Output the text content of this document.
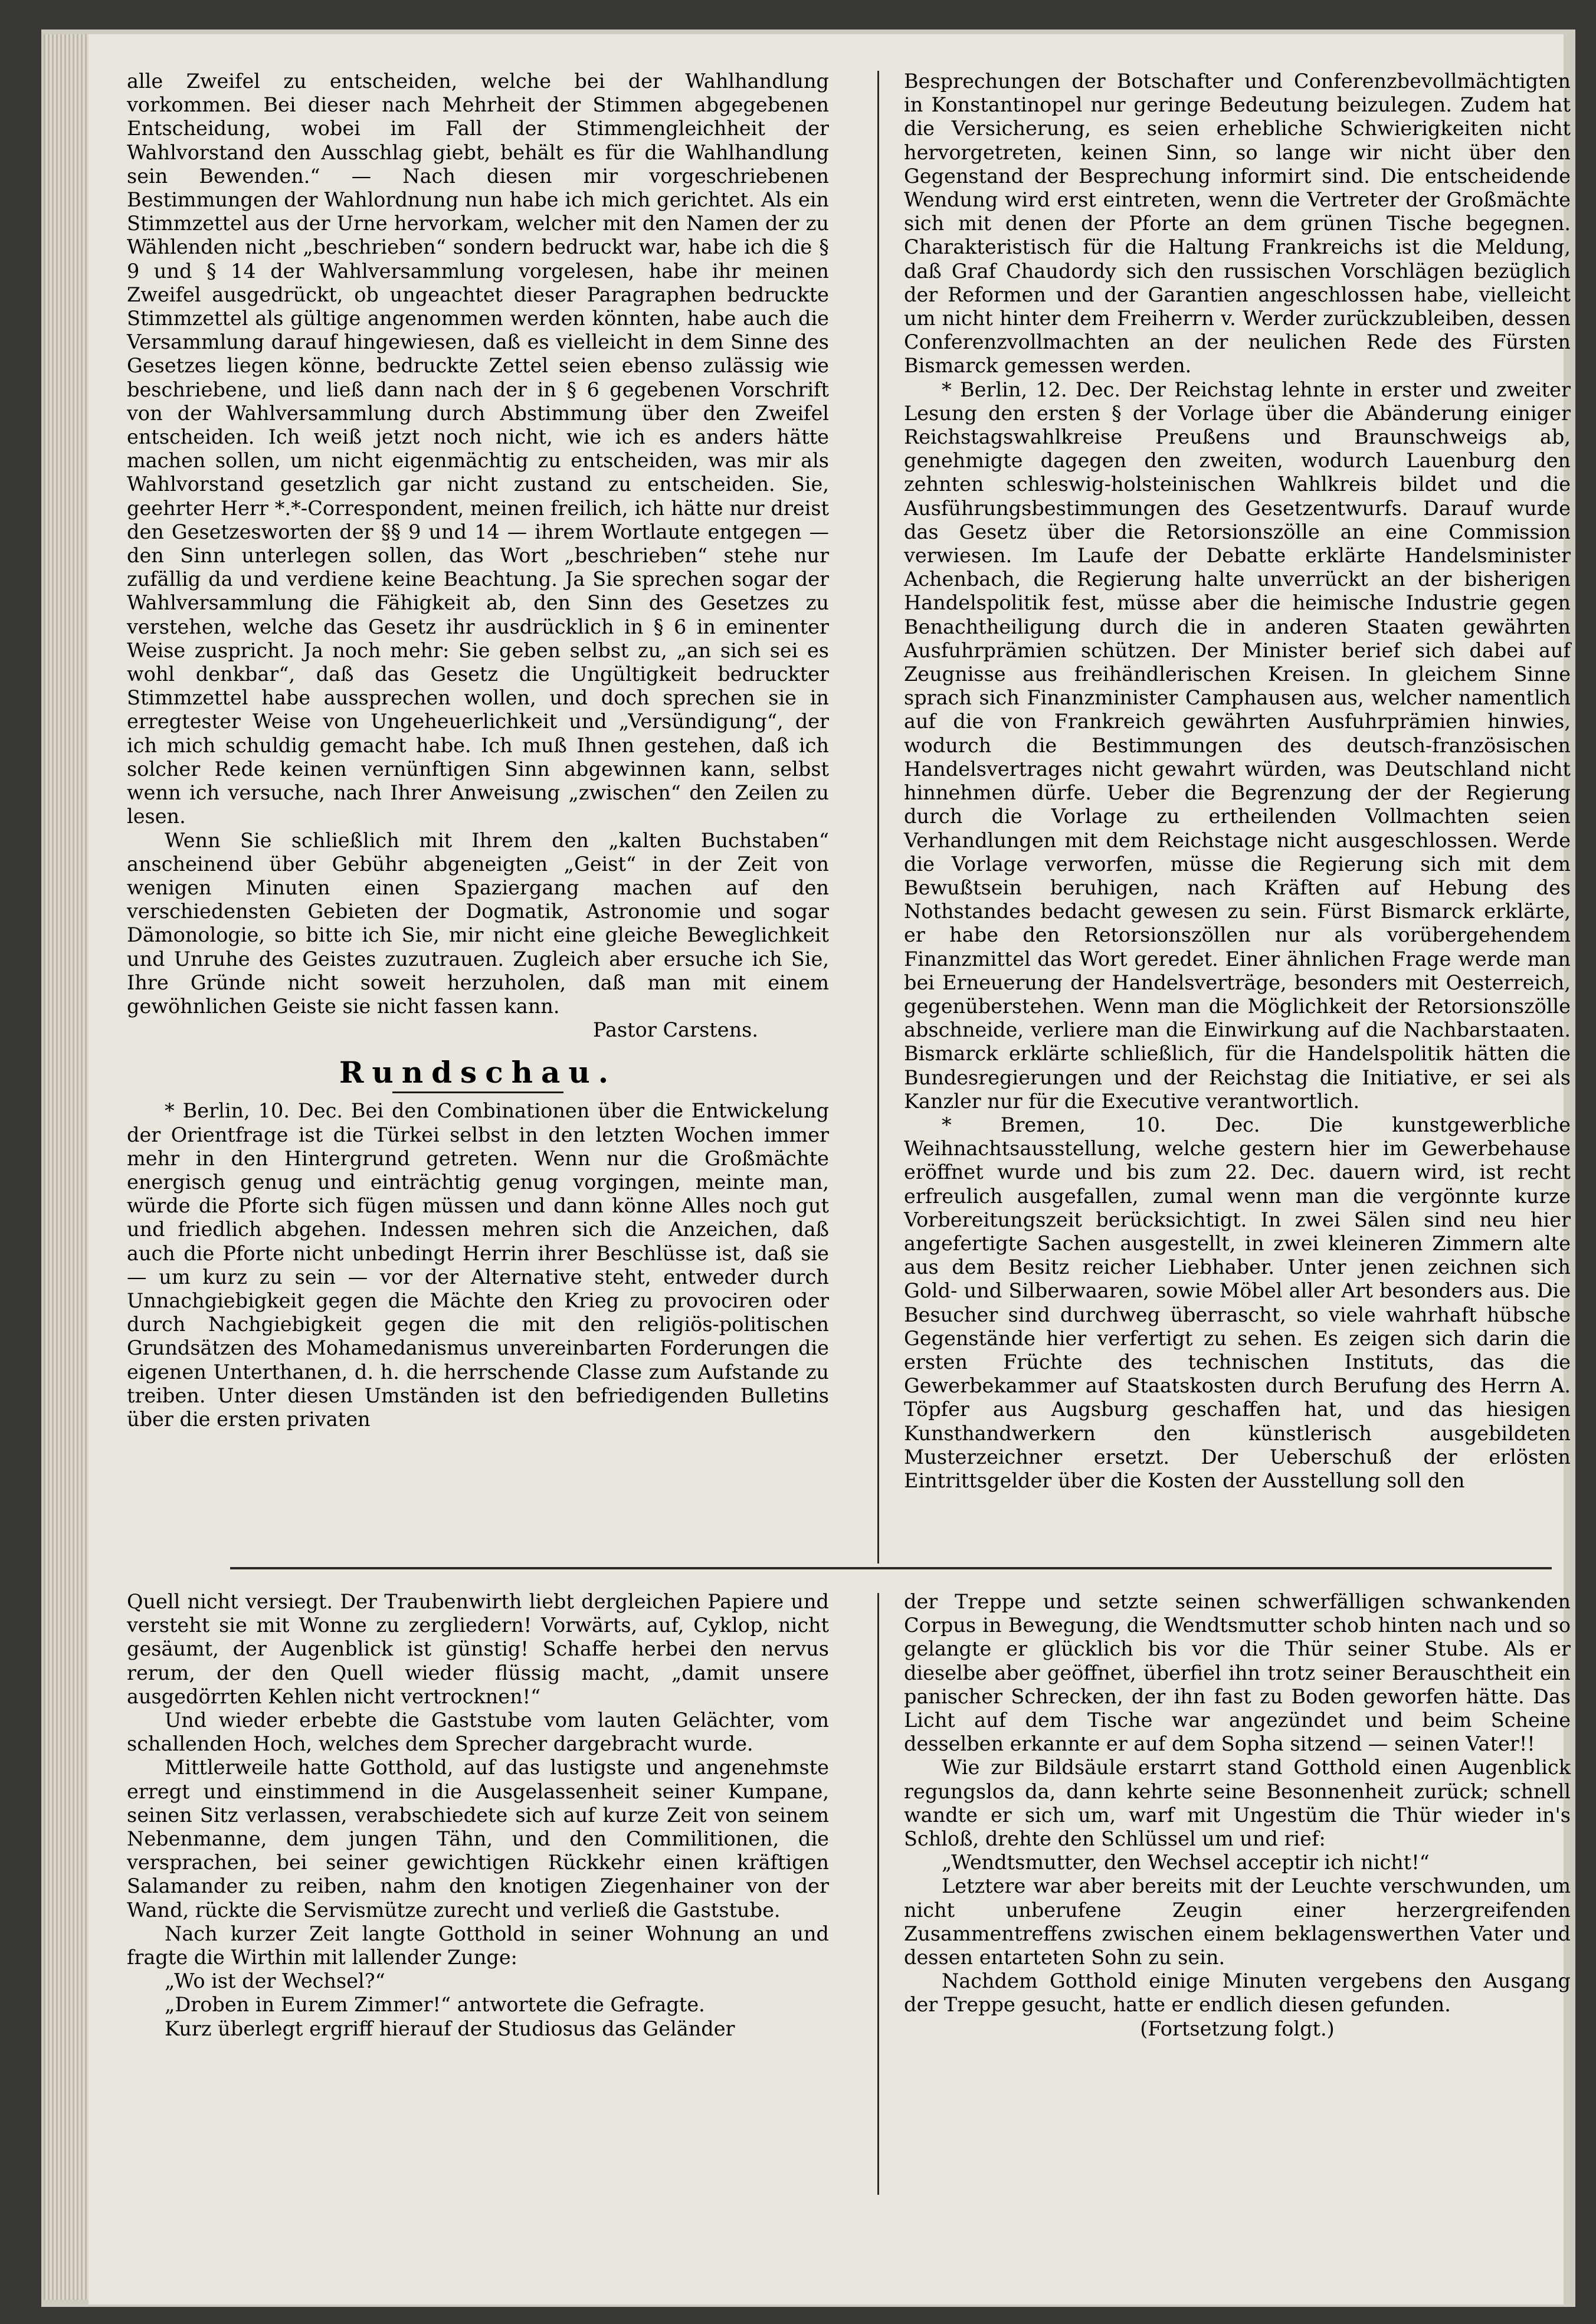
alle Zweifel zu entscheiden, welche bei der Wahlhandlung vorkommen. Bei dieser nach Mehrheit der Stimmen abgegebenen Entscheidung, wobei im Fall der Stimmengleichheit der Wahlvorstand den Ausschlag giebt, behält es für die Wahlhandlung sein Bewenden.“ — Nach diesen mir vorgeschriebenen Bestimmungen der Wahlordnung nun habe ich mich gerichtet. Als ein Stimmzettel aus der Urne hervorkam, welcher mit den Namen der zu Wählenden nicht „beschrieben“ sondern bedruckt war, habe ich die § 9 und § 14 der Wahlversammlung vorgelesen, habe ihr meinen Zweifel ausgedrückt, ob ungeachtet dieser Paragraphen bedruckte Stimmzettel als gültige angenommen werden könnten, habe auch die Versammlung darauf hingewiesen, daß es vielleicht in dem Sinne des Gesetzes liegen könne, bedruckte Zettel seien ebenso zulässig wie beschriebene, und ließ dann nach der in § 6 gegebenen Vorschrift von der Wahlversammlung durch Abstimmung über den Zweifel entscheiden. Ich weiß jetzt noch nicht, wie ich es anders hätte machen sollen, um nicht eigenmächtig zu entscheiden, was mir als Wahlvorstand gesetzlich gar nicht zustand zu entscheiden. Sie, geehrter Herr *.*-Correspondent, meinen freilich, ich hätte nur dreist den Gesetzesworten der §§ 9 und 14 — ihrem Wortlaute entgegen — den Sinn unterlegen sollen, das Wort „beschrieben“ stehe nur zufällig da und verdiene keine Beachtung. Ja Sie sprechen sogar der Wahlversammlung die Fähigkeit ab, den Sinn des Gesetzes zu verstehen, welche das Gesetz ihr ausdrücklich in § 6 in eminenter Weise zuspricht. Ja noch mehr: Sie geben selbst zu, „an sich sei es wohl denkbar“, daß das Gesetz die Ungültigkeit bedruckter Stimmzettel habe aussprechen wollen, und doch sprechen sie in erregtester Weise von Ungeheuerlichkeit und „Versündigung“, der ich mich schuldig gemacht habe. Ich muß Ihnen gestehen, daß ich solcher Rede keinen vernünftigen Sinn abgewinnen kann, selbst wenn ich versuche, nach Ihrer Anweisung „zwischen“ den Zeilen zu lesen.

Wenn Sie schließlich mit Ihrem den „kalten Buchstaben“ anscheinend über Gebühr abgeneigten „Geist“ in der Zeit von wenigen Minuten einen Spaziergang machen auf den verschiedensten Gebieten der Dogmatik, Astronomie und sogar Dämonologie, so bitte ich Sie, mir nicht eine gleiche Beweglichkeit und Unruhe des Geistes zuzutrauen. Zugleich aber ersuche ich Sie, Ihre Gründe nicht soweit herzuholen, daß man mit einem gewöhnlichen Geiste sie nicht fassen kann.

Pastor Carstens.

Rundschau.

* Berlin, 10. Dec. Bei den Combinationen über die Entwickelung der Orientfrage ist die Türkei selbst in den letzten Wochen immer mehr in den Hintergrund getreten. Wenn nur die Großmächte energisch genug und einträchtig genug vorgingen, meinte man, würde die Pforte sich fügen müssen und dann könne Alles noch gut und friedlich abgehen. Indessen mehren sich die Anzeichen, daß auch die Pforte nicht unbedingt Herrin ihrer Beschlüsse ist, daß sie — um kurz zu sein — vor der Alternative steht, entweder durch Unnachgiebigkeit gegen die Mächte den Krieg zu provociren oder durch Nachgiebigkeit gegen die mit den religiös-politischen Grundsätzen des Mohamedanismus unvereinbarten Forderungen die eigenen Unterthanen, d. h. die herrschende Classe zum Aufstande zu treiben. Unter diesen Umständen ist den befriedigenden Bulletins über die ersten privaten

Besprechungen der Botschafter und Conferenzbevollmächtigten in Konstantinopel nur geringe Bedeutung beizulegen. Zudem hat die Versicherung, es seien erhebliche Schwierigkeiten nicht hervorgetreten, keinen Sinn, so lange wir nicht über den Gegenstand der Besprechung informirt sind. Die entscheidende Wendung wird erst eintreten, wenn die Vertreter der Großmächte sich mit denen der Pforte an dem grünen Tische begegnen. Charakteristisch für die Haltung Frankreichs ist die Meldung, daß Graf Chaudordy sich den russischen Vorschlägen bezüglich der Reformen und der Garantien angeschlossen habe, vielleicht um nicht hinter dem Freiherrn v. Werder zurückzubleiben, dessen Conferenzvollmachten an der neulichen Rede des Fürsten Bismarck gemessen werden.

* Berlin, 12. Dec. Der Reichstag lehnte in erster und zweiter Lesung den ersten § der Vorlage über die Abänderung einiger Reichstagswahlkreise Preußens und Braunschweigs ab, genehmigte dagegen den zweiten, wodurch Lauenburg den zehnten schleswig-holsteinischen Wahlkreis bildet und die Ausführungsbestimmungen des Gesetzentwurfs. Darauf wurde das Gesetz über die Retorsionszölle an eine Commission verwiesen. Im Laufe der Debatte erklärte Handelsminister Achenbach, die Regierung halte unverrückt an der bisherigen Handelspolitik fest, müsse aber die heimische Industrie gegen Benachtheiligung durch die in anderen Staaten gewährten Ausfuhrprämien schützen. Der Minister berief sich dabei auf Zeugnisse aus freihändlerischen Kreisen. In gleichem Sinne sprach sich Finanzminister Camphausen aus, welcher namentlich auf die von Frankreich gewährten Ausfuhrprämien hinwies, wodurch die Bestimmungen des deutsch-französischen Handelsvertrages nicht gewahrt würden, was Deutschland nicht hinnehmen dürfe. Ueber die Begrenzung der der Regierung durch die Vorlage zu ertheilenden Vollmachten seien Verhandlungen mit dem Reichstage nicht ausgeschlossen. Werde die Vorlage verworfen, müsse die Regierung sich mit dem Bewußtsein beruhigen, nach Kräften auf Hebung des Nothstandes bedacht gewesen zu sein. Fürst Bismarck erklärte, er habe den Retorsionszöllen nur als vorübergehendem Finanzmittel das Wort geredet. Einer ähnlichen Frage werde man bei Erneuerung der Handelsverträge, besonders mit Oesterreich, gegenüberstehen. Wenn man die Möglichkeit der Retorsionszölle abschneide, verliere man die Einwirkung auf die Nachbarstaaten. Bismarck erklärte schließlich, für die Handelspolitik hätten die Bundesregierungen und der Reichstag die Initiative, er sei als Kanzler nur für die Executive verantwortlich.

* Bremen, 10. Dec. Die kunstgewerbliche Weihnachtsausstellung, welche gestern hier im Gewerbehause eröffnet wurde und bis zum 22. Dec. dauern wird, ist recht erfreulich ausgefallen, zumal wenn man die vergönnte kurze Vorbereitungszeit berücksichtigt. In zwei Sälen sind neu hier angefertigte Sachen ausgestellt, in zwei kleineren Zimmern alte aus dem Besitz reicher Liebhaber. Unter jenen zeichnen sich Gold- und Silberwaaren, sowie Möbel aller Art besonders aus. Die Besucher sind durchweg überrascht, so viele wahrhaft hübsche Gegenstände hier verfertigt zu sehen. Es zeigen sich darin die ersten Früchte des technischen Instituts, das die Gewerbekammer auf Staatskosten durch Berufung des Herrn A. Töpfer aus Augsburg geschaffen hat, und das hiesigen Kunsthandwerkern den künstlerisch ausgebildeten Musterzeichner ersetzt. Der Ueberschuß der erlösten Eintrittsgelder über die Kosten der Ausstellung soll den

Quell nicht versiegt. Der Traubenwirth liebt dergleichen Papiere und versteht sie mit Wonne zu zergliedern! Vorwärts, auf, Cyklop, nicht gesäumt, der Augenblick ist günstig! Schaffe herbei den nervus rerum, der den Quell wieder flüssig macht, „damit unsere ausgedörrten Kehlen nicht vertrocknen!“

Und wieder erbebte die Gaststube vom lauten Gelächter, vom schallenden Hoch, welches dem Sprecher dargebracht wurde.

Mittlerweile hatte Gotthold, auf das lustigste und angenehmste erregt und einstimmend in die Ausgelassenheit seiner Kumpane, seinen Sitz verlassen, verabschiedete sich auf kurze Zeit von seinem Nebenmanne, dem jungen Tähn, und den Commilitionen, die versprachen, bei seiner gewichtigen Rückkehr einen kräftigen Salamander zu reiben, nahm den knotigen Ziegenhainer von der Wand, rückte die Servismütze zurecht und verließ die Gaststube.

Nach kurzer Zeit langte Gotthold in seiner Wohnung an und fragte die Wirthin mit lallender Zunge:

„Wo ist der Wechsel?“

„Droben in Eurem Zimmer!“ antwortete die Gefragte.

Kurz überlegt ergriff hierauf der Studiosus das Geländer

der Treppe und setzte seinen schwerfälligen schwankenden Corpus in Bewegung, die Wendtsmutter schob hinten nach und so gelangte er glücklich bis vor die Thür seiner Stube. Als er dieselbe aber geöffnet, überfiel ihn trotz seiner Berauschtheit ein panischer Schrecken, der ihn fast zu Boden geworfen hätte. Das Licht auf dem Tische war angezündet und beim Scheine desselben erkannte er auf dem Sopha sitzend — seinen Vater!!

Wie zur Bildsäule erstarrt stand Gotthold einen Augenblick regungslos da, dann kehrte seine Besonnenheit zurück; schnell wandte er sich um, warf mit Ungestüm die Thür wieder in's Schloß, drehte den Schlüssel um und rief:

„Wendtsmutter, den Wechsel acceptir ich nicht!“

Letztere war aber bereits mit der Leuchte verschwunden, um nicht unberufene Zeugin einer herzergreifenden Zusammentreffens zwischen einem beklagenswerthen Vater und dessen entarteten Sohn zu sein.

Nachdem Gotthold einige Minuten vergebens den Ausgang der Treppe gesucht, hatte er endlich diesen gefunden.

(Fortsetzung folgt.)
